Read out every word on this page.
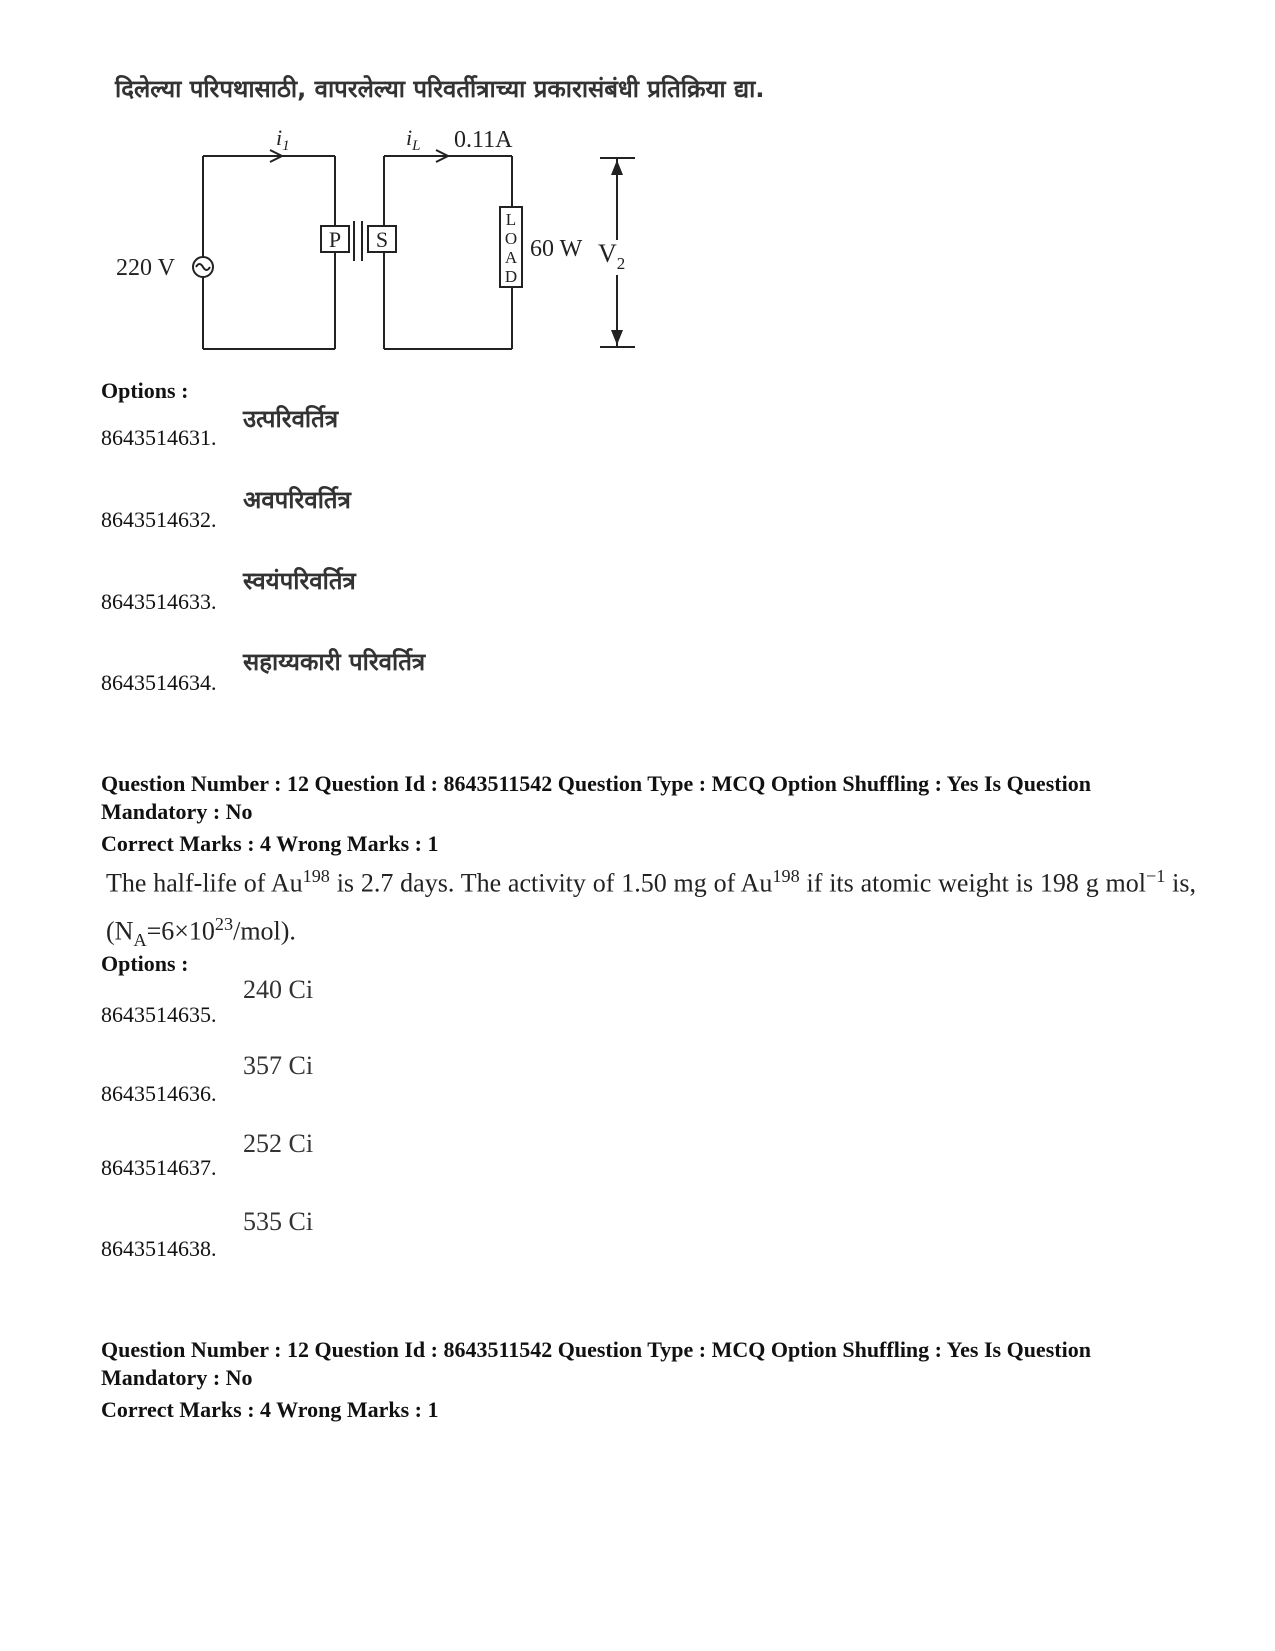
दिलेल्या परिपथासाठी, वापरलेल्या परिवर्तीत्राच्या प्रकारासंबंधी प्रतिक्रिया द्या.
220 V
$i_1$	$i_L$ 0.11A
P S
L
O
A
D
60 W $V_2$
Options :
8643514631.
उत्परिवर्तित्र
8643514632.
अवपरिवर्तित्र
8643514633.
स्वयंपरिवर्तित्र
8643514634.
सहाय्यकारी परिवर्तित्र
Question Number : 12 Question Id : 8643511542 Question Type : MCQ Option Shuffling : Yes Is Question Mandatory : No
Correct Marks : 4 Wrong Marks : 1
The half-life of Au$^{198}$ is 2.7 days. The activity of 1.50 mg of Au$^{198}$ if its atomic weight is 198 g mol$^{-1}$ is, $(N_A=6\times 10^{23}/mol)$.
Options :
8643514635.
240 Ci
8643514636.
357 Ci
8643514637.
252 Ci
8643514638.
535 Ci
Question Number : 12 Question Id : 8643511542 Question Type : MCQ Option Shuffling : Yes Is Question Mandatory : No
Correct Marks : 4 Wrong Marks : 1
